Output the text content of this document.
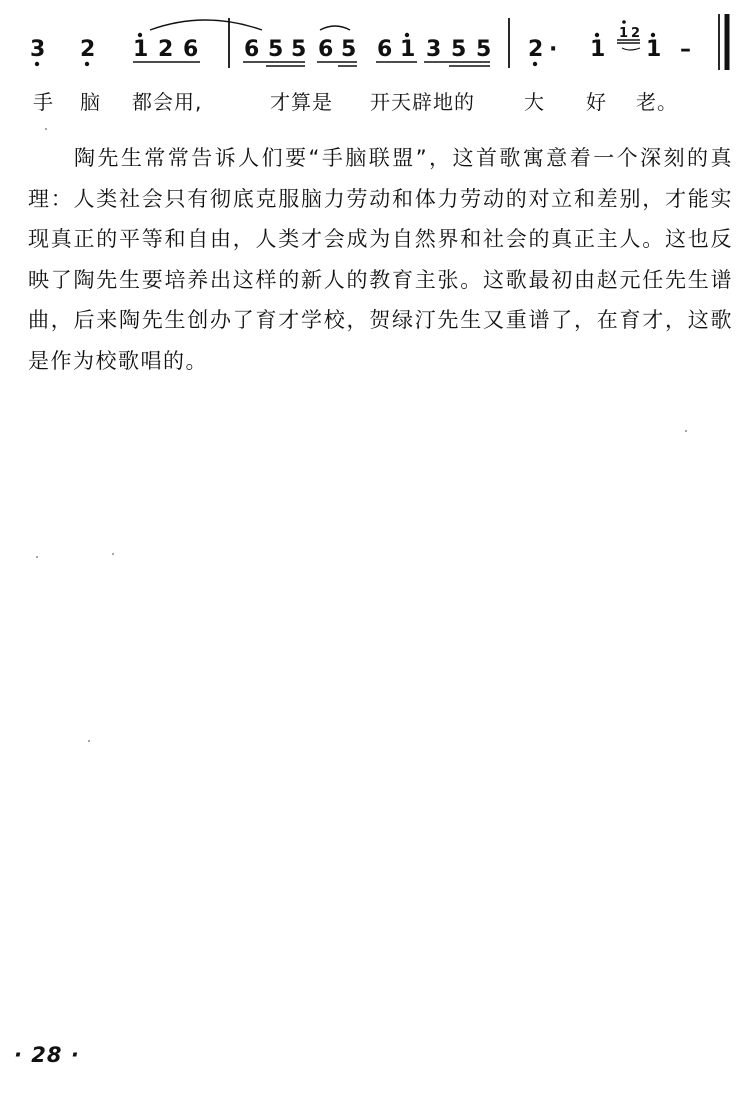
3 2 1 2 6 6 5 5 6 5 6 1 3 5 5 2 · 1 1 –
1 2
手 脑 都会用,	才算是 开天辟地的 大 好 老。

陶先生常常告诉人们要“手脑联盟”，这首歌寓意着一个深刻的真理：人类社会只有彻底克服脑力劳动和体力劳动的对立和差别，才能实现真正的平等和自由，人类才会成为自然界和社会的真正主人。这也反映了陶先生要培养出这样的新人的教育主张。这歌最初由赵元任先生谱曲，后来陶先生创办了育才学校，贺绿汀先生又重谱了，在育才，这歌是作为校歌唱的。

· 28 ·
